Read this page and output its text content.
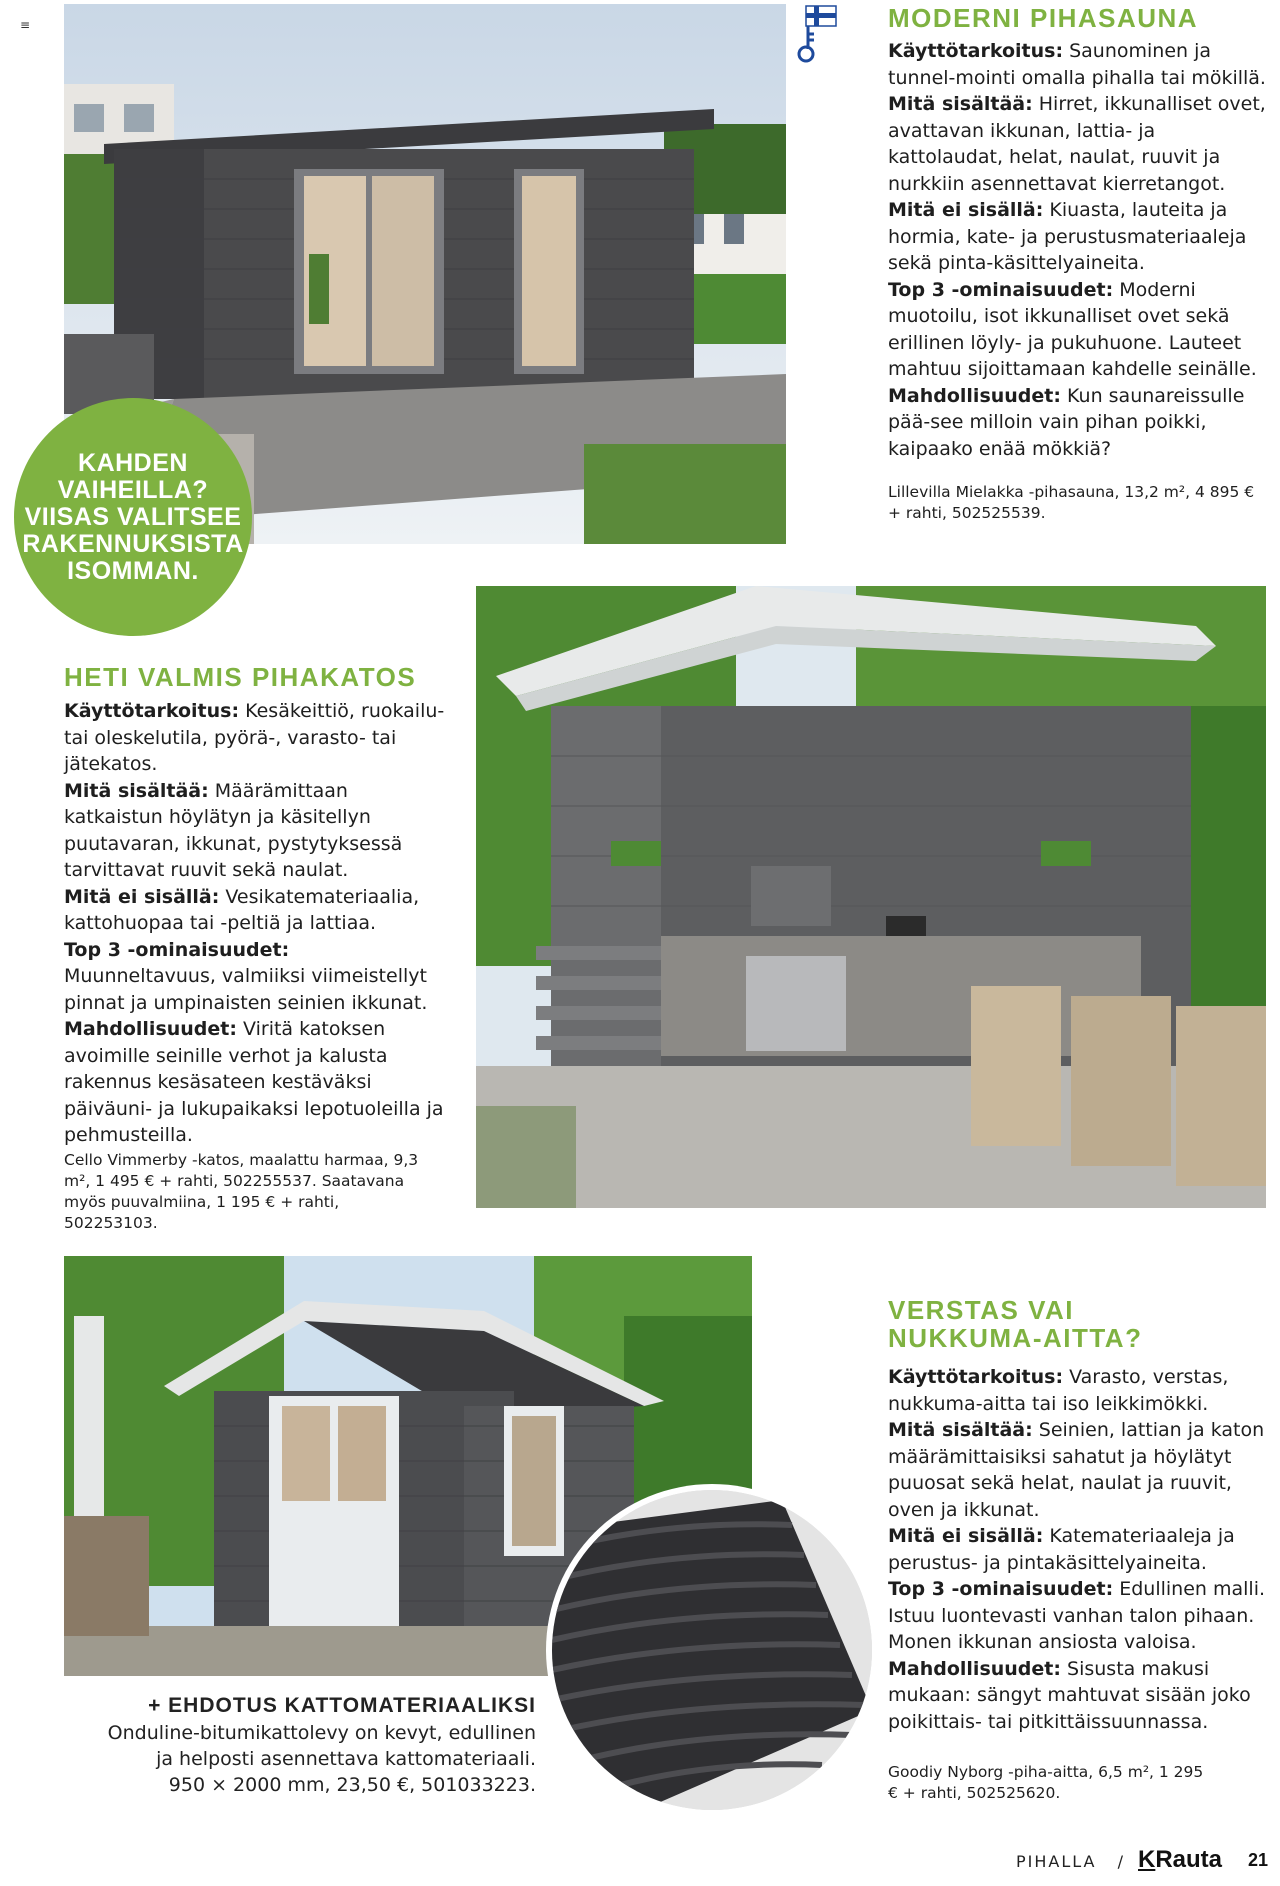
≡
KAHDEN
VAIHEILLA?
VIISAS VALITSEE
RAKENNUKSISTA
ISOMMAN.
MODERNI PIHASAUNA

Käyttötarkoitus: Saunominen ja tunnel-mointi omalla pihalla tai mökillä.

Mitä sisältää: Hirret, ikkunalliset ovet, avattavan ikkunan, lattia- ja kattolaudat, helat, naulat, ruuvit ja nurkkiin asennettavat kierretangot.

Mitä ei sisällä: Kiuasta, lauteita ja hormia, kate- ja perustusmateriaaleja sekä pinta-käsittelyaineita.

Top 3 -ominaisuudet: Moderni muotoilu, isot ikkunalliset ovet sekä erillinen löyly- ja pukuhuone. Lauteet mahtuu sijoittamaan kahdelle seinälle.

Mahdollisuudet: Kun saunareissulle pää-see milloin vain pihan poikki, kaipaako enää mökkiä?

Lillevilla Mielakka -pihasauna, 13,2 m², 4 895 € + rahti, 502525539.
HETI VALMIS PIHAKATOS

Käyttötarkoitus: Kesäkeittiö, ruokailu- tai oleskelutila, pyörä-, varasto- tai jätekatos.

Mitä sisältää: Määrämittaan katkaistun höylätyn ja käsitellyn puutavaran, ikkunat, pystytyksessä tarvittavat ruuvit sekä naulat.

Mitä ei sisällä: Vesikatemateriaalia, kattohuopaa tai -peltiä ja lattiaa.

Top 3 -ominaisuudet: Muunneltavuus, valmiiksi viimeistellyt pinnat ja umpinaisten seinien ikkunat.

Mahdollisuudet: Viritä katoksen avoimille seinille verhot ja kalusta rakennus kesäsateen kestäväksi päiväuni- ja lukupaikaksi lepotuoleilla ja pehmusteilla.

Cello Vimmerby -katos, maalattu harmaa, 9,3 m², 1 495 € + rahti, 502255537. Saatavana myös puuvalmiina, 1 195 € + rahti, 502253103.
+ EHDOTUS KATTOMATERIAALIKSI
Onduline-bitumikattolevy on kevyt, edullinen
ja helposti asennettava kattomateriaali.
950 × 2000 mm, 23,50 €, 501033223.
VERSTAS VAI
NUKKUMA-AITTA?

Käyttötarkoitus: Varasto, verstas, nukkuma-aitta tai iso leikkimökki.

Mitä sisältää: Seinien, lattian ja katon määrämittaisiksi sahatut ja höylätyt puuosat sekä helat, naulat ja ruuvit, oven ja ikkunat.

Mitä ei sisällä: Katemateriaaleja ja perustus- ja pintakäsittelyaineita.

Top 3 -ominaisuudet: Edullinen malli. Istuu luontevasti vanhan talon pihaan. Monen ikkunan ansiosta valoisa.

Mahdollisuudet: Sisusta makusi mukaan: sängyt mahtuvat sisään joko poikittais- tai pitkittäissuunnassa.

Goodiy Nyborg -piha-aitta, 6,5 m², 1 295 € + rahti, 502525620.
PIHALLA / KRauta 21
